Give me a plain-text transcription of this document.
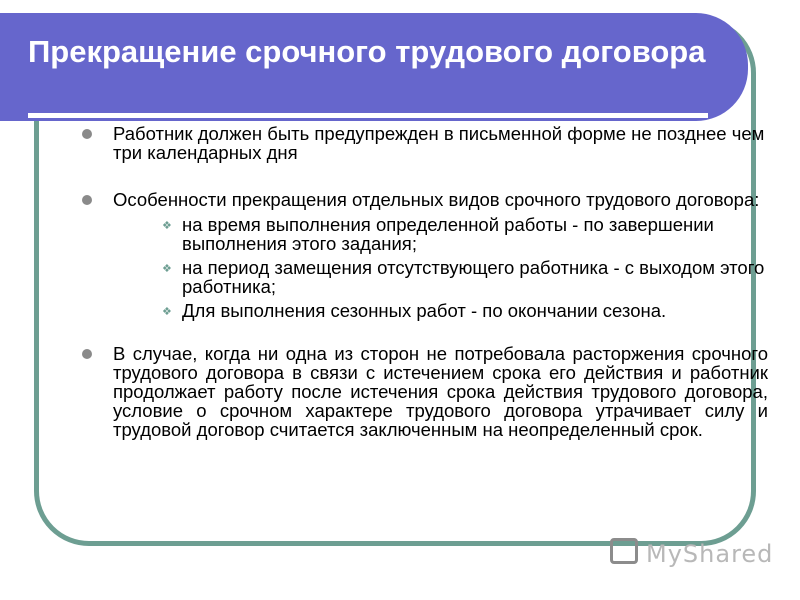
Прекращение срочного трудового договора

Работник должен быть предупрежден в письменной форме не позднее чем три календарных дня

Особенности прекращения отдельных видов срочного трудового договора:

❖ на время выполнения определенной работы - по завершении выполнения этого задания;

❖ на период замещения отсутствующего работника - с выходом этого работника;

❖ Для выполнения сезонных работ - по окончании сезона.

В случае, когда ни одна из сторон не потребовала расторжения срочного трудового договора в связи с истечением срока его действия и работник продолжает работу после истечения срока действия трудового договора, условие о срочном характере трудового договора утрачивает силу и трудовой договор считается заключенным на неопределенный срок.

MyShared
